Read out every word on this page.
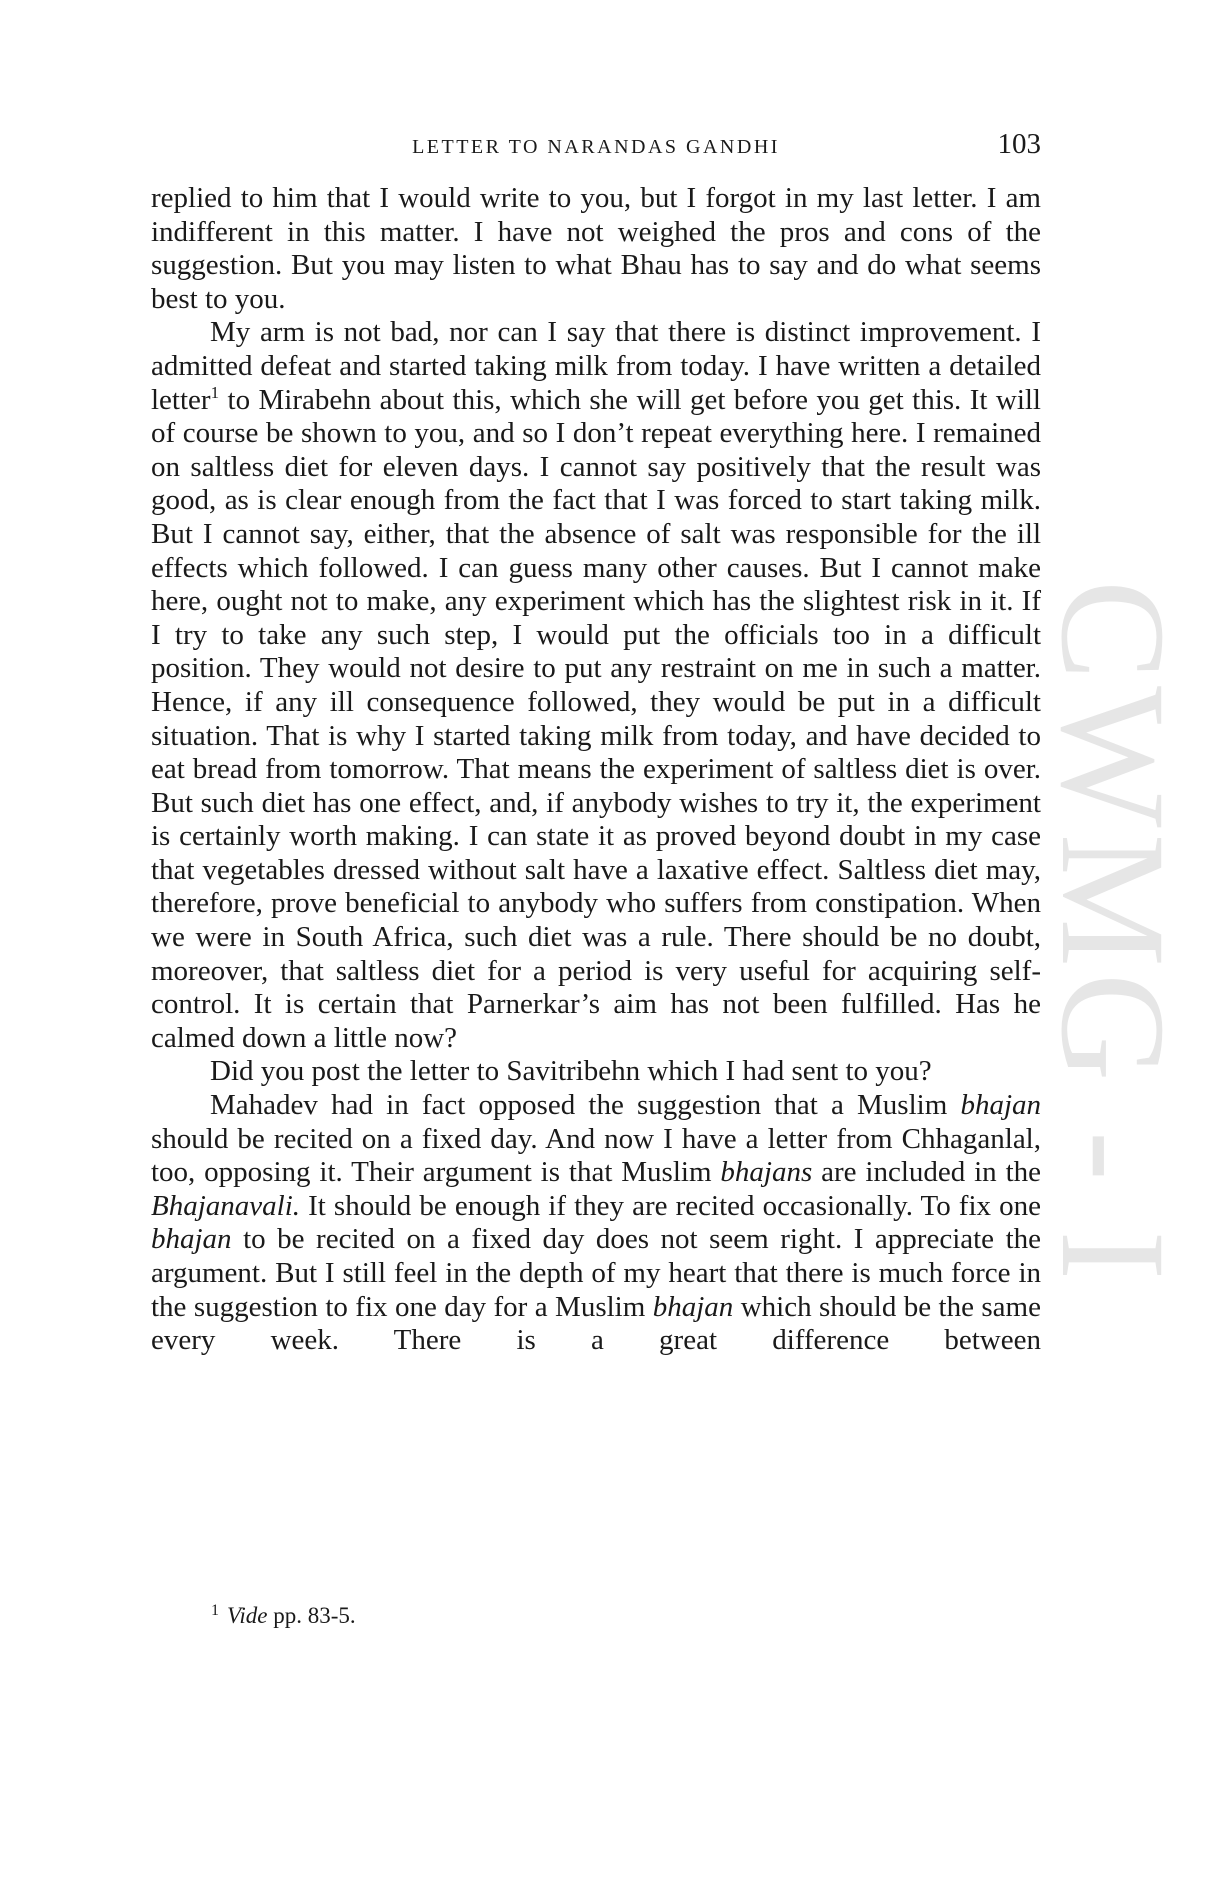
CWMG - I
LETTER TO NARANDAS GANDHI	103

replied to him that I would write to you, but I forgot in my last letter. I am indifferent in this matter. I have not weighed the pros and cons of the suggestion. But you may listen to what Bhau has to say and do what seems best to you.

My arm is not bad, nor can I say that there is distinct improvement. I admitted defeat and started taking milk from today. I have written a detailed letter$^1$ to Mirabehn about this, which she will get before you get this. It will of course be shown to you, and so I don’t repeat everything here. I remained on saltless diet for eleven days. I cannot say positively that the result was good, as is clear enough from the fact that I was forced to start taking milk. But I cannot say, either, that the absence of salt was responsible for the ill effects which followed. I can guess many other causes. But I cannot make here, ought not to make, any experiment which has the slightest risk in it. If I try to take any such step, I would put the officials too in a difficult position. They would not desire to put any restraint on me in such a matter. Hence, if any ill consequence followed, they would be put in a difficult situation. That is why I started taking milk from today, and have decided to eat bread from tomorrow. That means the experiment of saltless diet is over. But such diet has one effect, and, if anybody wishes to try it, the experiment is certainly worth making. I can state it as proved beyond doubt in my case that vegetables dressed without salt have a laxative effect. Saltless diet may, therefore, prove beneficial to anybody who suffers from constipation. When we were in South Africa, such diet was a rule. There should be no doubt, moreover, that saltless diet for a period is very useful for acquiring self-control. It is certain that Parnerkar’s aim has not been fulfilled. Has he calmed down a little now?

Did you post the letter to Savitribehn which I had sent to you?

Mahadev had in fact opposed the suggestion that a Muslim bhajan should be recited on a fixed day. And now I have a letter from Chhaganlal, too, opposing it. Their argument is that Muslim bhajans are included in the Bhajanavali. It should be enough if they are recited occasionally. To fix one bhajan to be recited on a fixed day does not seem right. I appreciate the argument. But I still feel in the depth of my heart that there is much force in the suggestion to fix one day for a Muslim bhajan which should be the same every week. There is a great difference between

$^1$ Vide pp. 83-5.
